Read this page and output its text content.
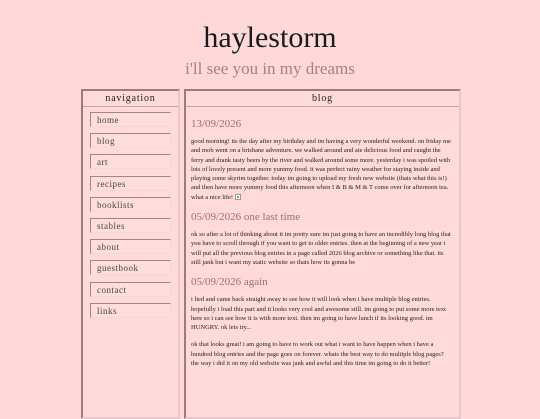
haylestorm
i'll see you in my dreams
navigation
home
blog
art
recipes
booklists
stables
about
guestbook
contact
links
blog
13/09/2026

good morning! its the day after my birthday and im having a very wonderful weekend. on friday me and mob went on a brisbane adventure. we walked around and ate delicious food and caught the ferry and drank tasty beers by the river and walked around some more. yesterday i was spoiled with lots of lovely present and more yummy food. it was perfect rainy weather for staying inside and playing some skyrim together. today im going to upload my fresh new website (thats what this is!) and then have more yummy food this afternoon when I & B & M & T come over for afternoon tea. what a nice life!

05/09/2026 one last time

ok so after a lot of thinking about it im pretty sure im just going to have an incredibly long blog that you have to scroll through if you want to get to older entries. then at the beginning of a new year i will put all the previous blog entries in a page called 2026 blog archive or something like that. its still jank but i want my static website so thats how its gonna be

05/09/2026 again

i lied and came back straight away to see how it will look when i have multiple blog entries. hopefully i load this part and it looks very cool and awesome still. im going to put some more text here so i can see how it is with more text. then im going to have lunch if its looking good. im HUNGRY. ok lets try...

ok that looks great! i am going to have to work out what i want to have happen when i have a hundred blog entries and the page goes on forever. whats the best way to do multiple blog pages? the way i did it on my old website was jank and awful and this time im going to do it better!
